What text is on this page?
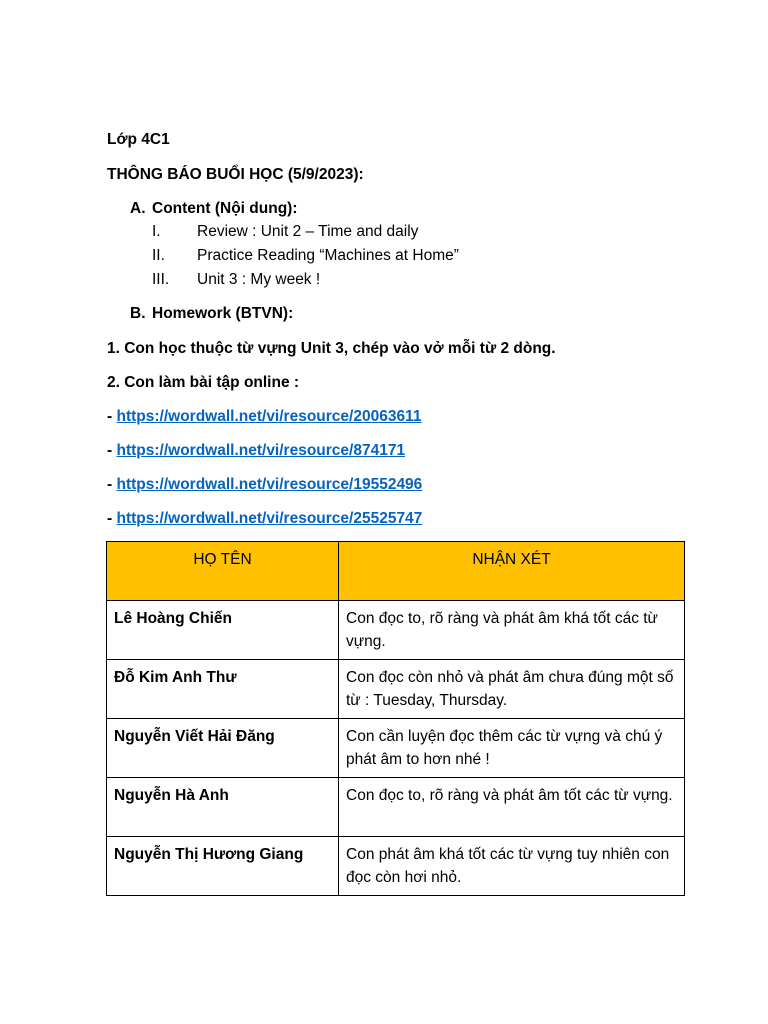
Lớp 4C1
THÔNG BÁO BUỔI HỌC (5/9/2023):
A. Content (Nội dung):
I. Review : Unit 2 – Time and daily
II. Practice Reading “Machines at Home”
III. Unit 3 : My week !
B. Homework (BTVN):
1. Con học thuộc từ vựng Unit 3, chép vào vở mỗi từ 2 dòng.
2. Con làm bài tập online :
- https://wordwall.net/vi/resource/20063611
- https://wordwall.net/vi/resource/874171
- https://wordwall.net/vi/resource/19552496
- https://wordwall.net/vi/resource/25525747
HỌ TÊN	NHẬN XÉT
Lê Hoàng Chiến	Con đọc to, rõ ràng và phát âm khá tốt các từ vựng.
Đỗ Kim Anh Thư	Con đọc còn nhỏ và phát âm chưa đúng một số từ : Tuesday, Thursday.
Nguyễn Viết Hải Đăng	Con cần luyện đọc thêm các từ vựng và chú ý phát âm to hơn nhé !
Nguyễn Hà Anh	Con đọc to, rõ ràng và phát âm tốt các từ vựng.
Nguyễn Thị Hương Giang	Con phát âm khá tốt các từ vựng tuy nhiên con đọc còn hơi nhỏ.
